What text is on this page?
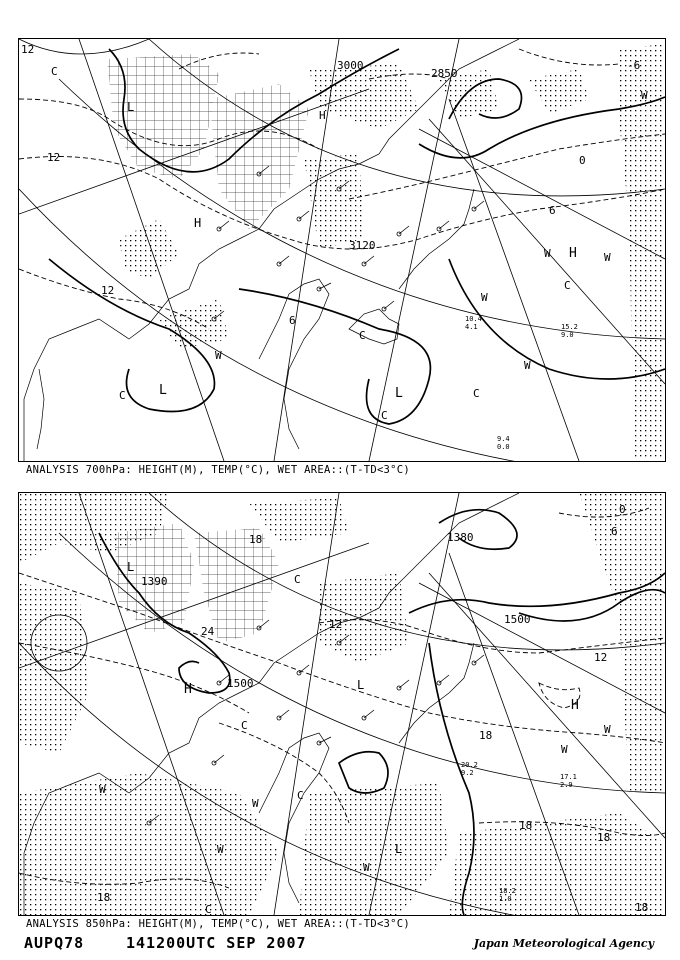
3000
2850
3120
12
12
12
0
6
-6
6
H
H
L	L
L
H
C
W
C
C
C
W
W
C
W
W
C
W
9.4
0.0
10.4
4.1	15.2
9.0
ANALYSIS 700hPa: HEIGHT(M), TEMP(°C), WET AREA::(T-TD<3°C)
1380
1390
1500
1500
18
24
12
12
18
18
18
18
18
6
0
H
H
L
L
L
C
C
W
W
W
W
W
W
C
C
20.2
9.2	17.1
2.9
18.2
1.0
ANALYSIS 850hPa: HEIGHT(M), TEMP(°C), WET AREA::(T-TD<3°C)
AUPQ78	141200UTC SEP 2007	Japan Meteorological Agency
